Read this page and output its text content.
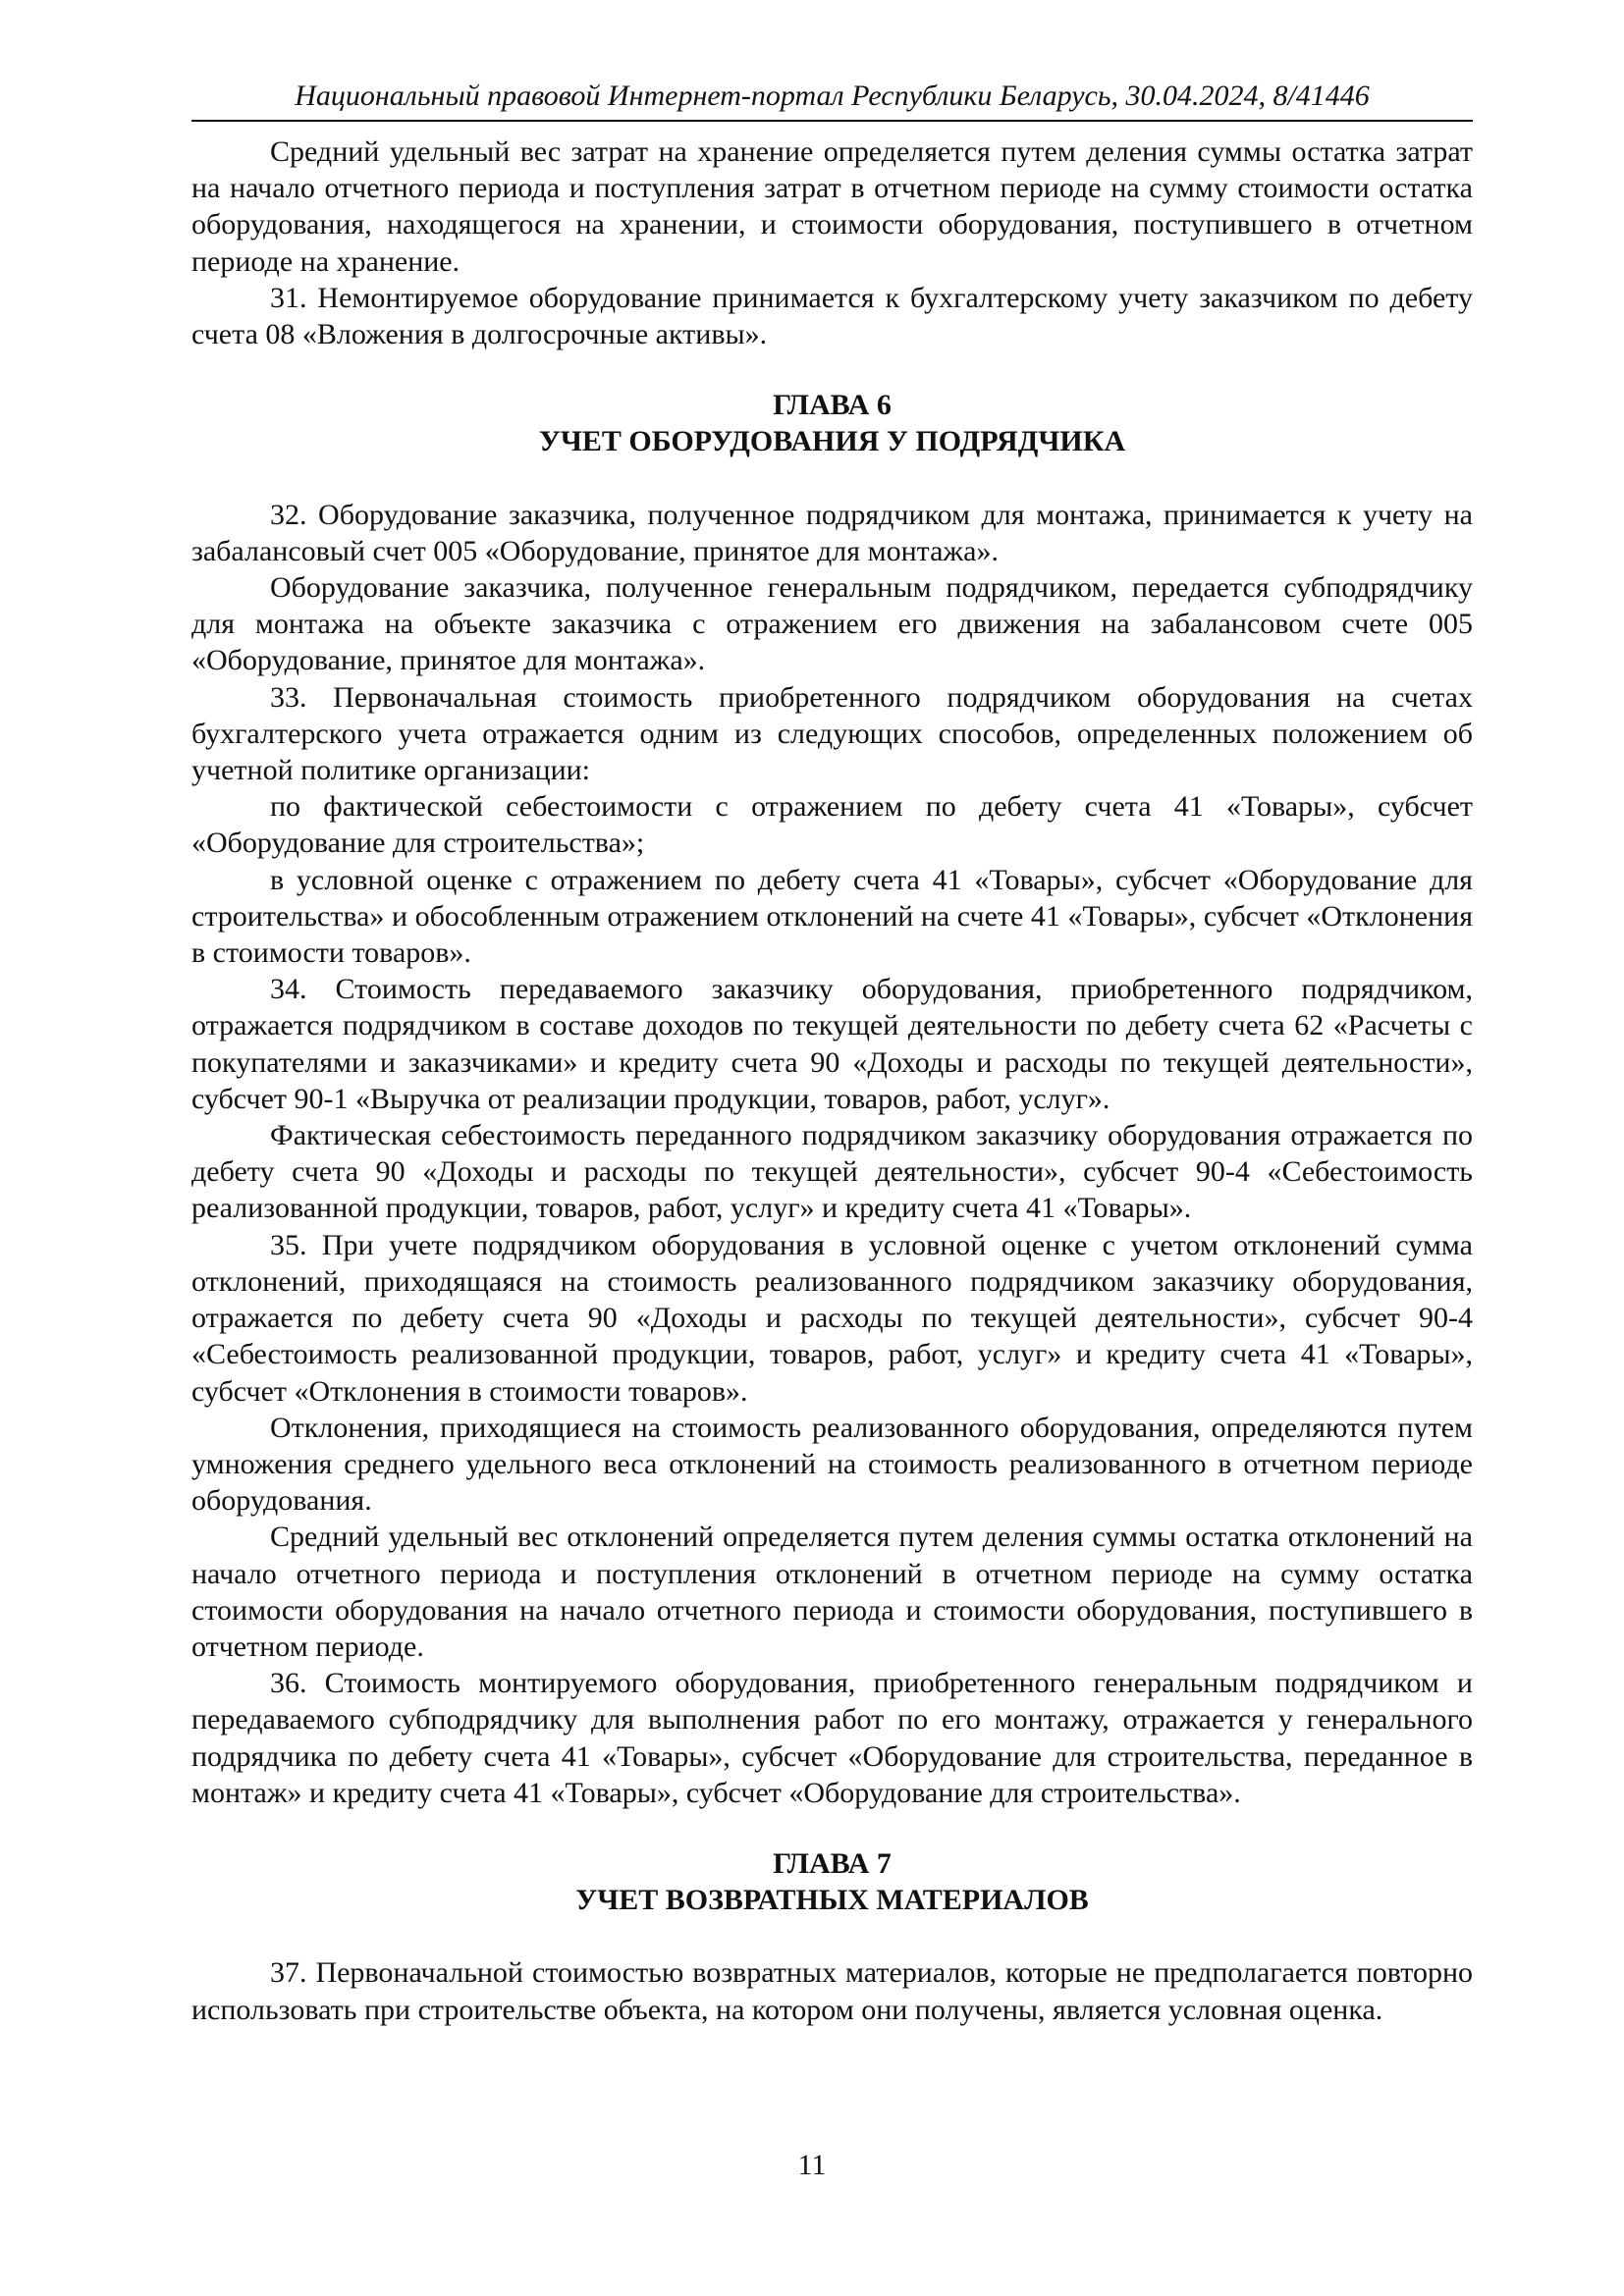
Национальный правовой Интернет-портал Республики Беларусь, 30.04.2024, 8/41446

Средний удельный вес затрат на хранение определяется путем деления суммы остатка затрат на начало отчетного периода и поступления затрат в отчетном периоде на сумму стоимости остатка оборудования, находящегося на хранении, и стоимости оборудования, поступившего в отчетном периоде на хранение.

31. Немонтируемое оборудование принимается к бухгалтерскому учету заказчиком по дебету счета 08 «Вложения в долгосрочные активы».

ГЛАВА 6

УЧЕТ ОБОРУДОВАНИЯ У ПОДРЯДЧИКА

32. Оборудование заказчика, полученное подрядчиком для монтажа, принимается к учету на забалансовый счет 005 «Оборудование, принятое для монтажа».

Оборудование заказчика, полученное генеральным подрядчиком, передается субподрядчику для монтажа на объекте заказчика с отражением его движения на забалансовом счете 005 «Оборудование, принятое для монтажа».

33. Первоначальная стоимость приобретенного подрядчиком оборудования на счетах бухгалтерского учета отражается одним из следующих способов, определенных положением об учетной политике организации:

по фактической себестоимости с отражением по дебету счета 41 «Товары», субсчет «Оборудование для строительства»;

в условной оценке с отражением по дебету счета 41 «Товары», субсчет «Оборудование для строительства» и обособленным отражением отклонений на счете 41 «Товары», субсчет «Отклонения в стоимости товаров».

34. Стоимость передаваемого заказчику оборудования, приобретенного подрядчиком, отражается подрядчиком в составе доходов по текущей деятельности по дебету счета 62 «Расчеты с покупателями и заказчиками» и кредиту счета 90 «Доходы и расходы по текущей деятельности», субсчет 90-1 «Выручка от реализации продукции, товаров, работ, услуг».

Фактическая себестоимость переданного подрядчиком заказчику оборудования отражается по дебету счета 90 «Доходы и расходы по текущей деятельности», субсчет 90-4 «Себестоимость реализованной продукции, товаров, работ, услуг» и кредиту счета 41 «Товары».

35. При учете подрядчиком оборудования в условной оценке с учетом отклонений сумма отклонений, приходящаяся на стоимость реализованного подрядчиком заказчику оборудования, отражается по дебету счета 90 «Доходы и расходы по текущей деятельности», субсчет 90-4 «Себестоимость реализованной продукции, товаров, работ, услуг» и кредиту счета 41 «Товары», субсчет «Отклонения в стоимости товаров».

Отклонения, приходящиеся на стоимость реализованного оборудования, определяются путем умножения среднего удельного веса отклонений на стоимость реализованного в отчетном периоде оборудования.

Средний удельный вес отклонений определяется путем деления суммы остатка отклонений на начало отчетного периода и поступления отклонений в отчетном периоде на сумму остатка стоимости оборудования на начало отчетного периода и стоимости оборудования, поступившего в отчетном периоде.

36. Стоимость монтируемого оборудования, приобретенного генеральным подрядчиком и передаваемого субподрядчику для выполнения работ по его монтажу, отражается у генерального подрядчика по дебету счета 41 «Товары», субсчет «Оборудование для строительства, переданное в монтаж» и кредиту счета 41 «Товары», субсчет «Оборудование для строительства».

ГЛАВА 7

УЧЕТ ВОЗВРАТНЫХ МАТЕРИАЛОВ

37. Первоначальной стоимостью возвратных материалов, которые не предполагается повторно использовать при строительстве объекта, на котором они получены, является условная оценка.

11
